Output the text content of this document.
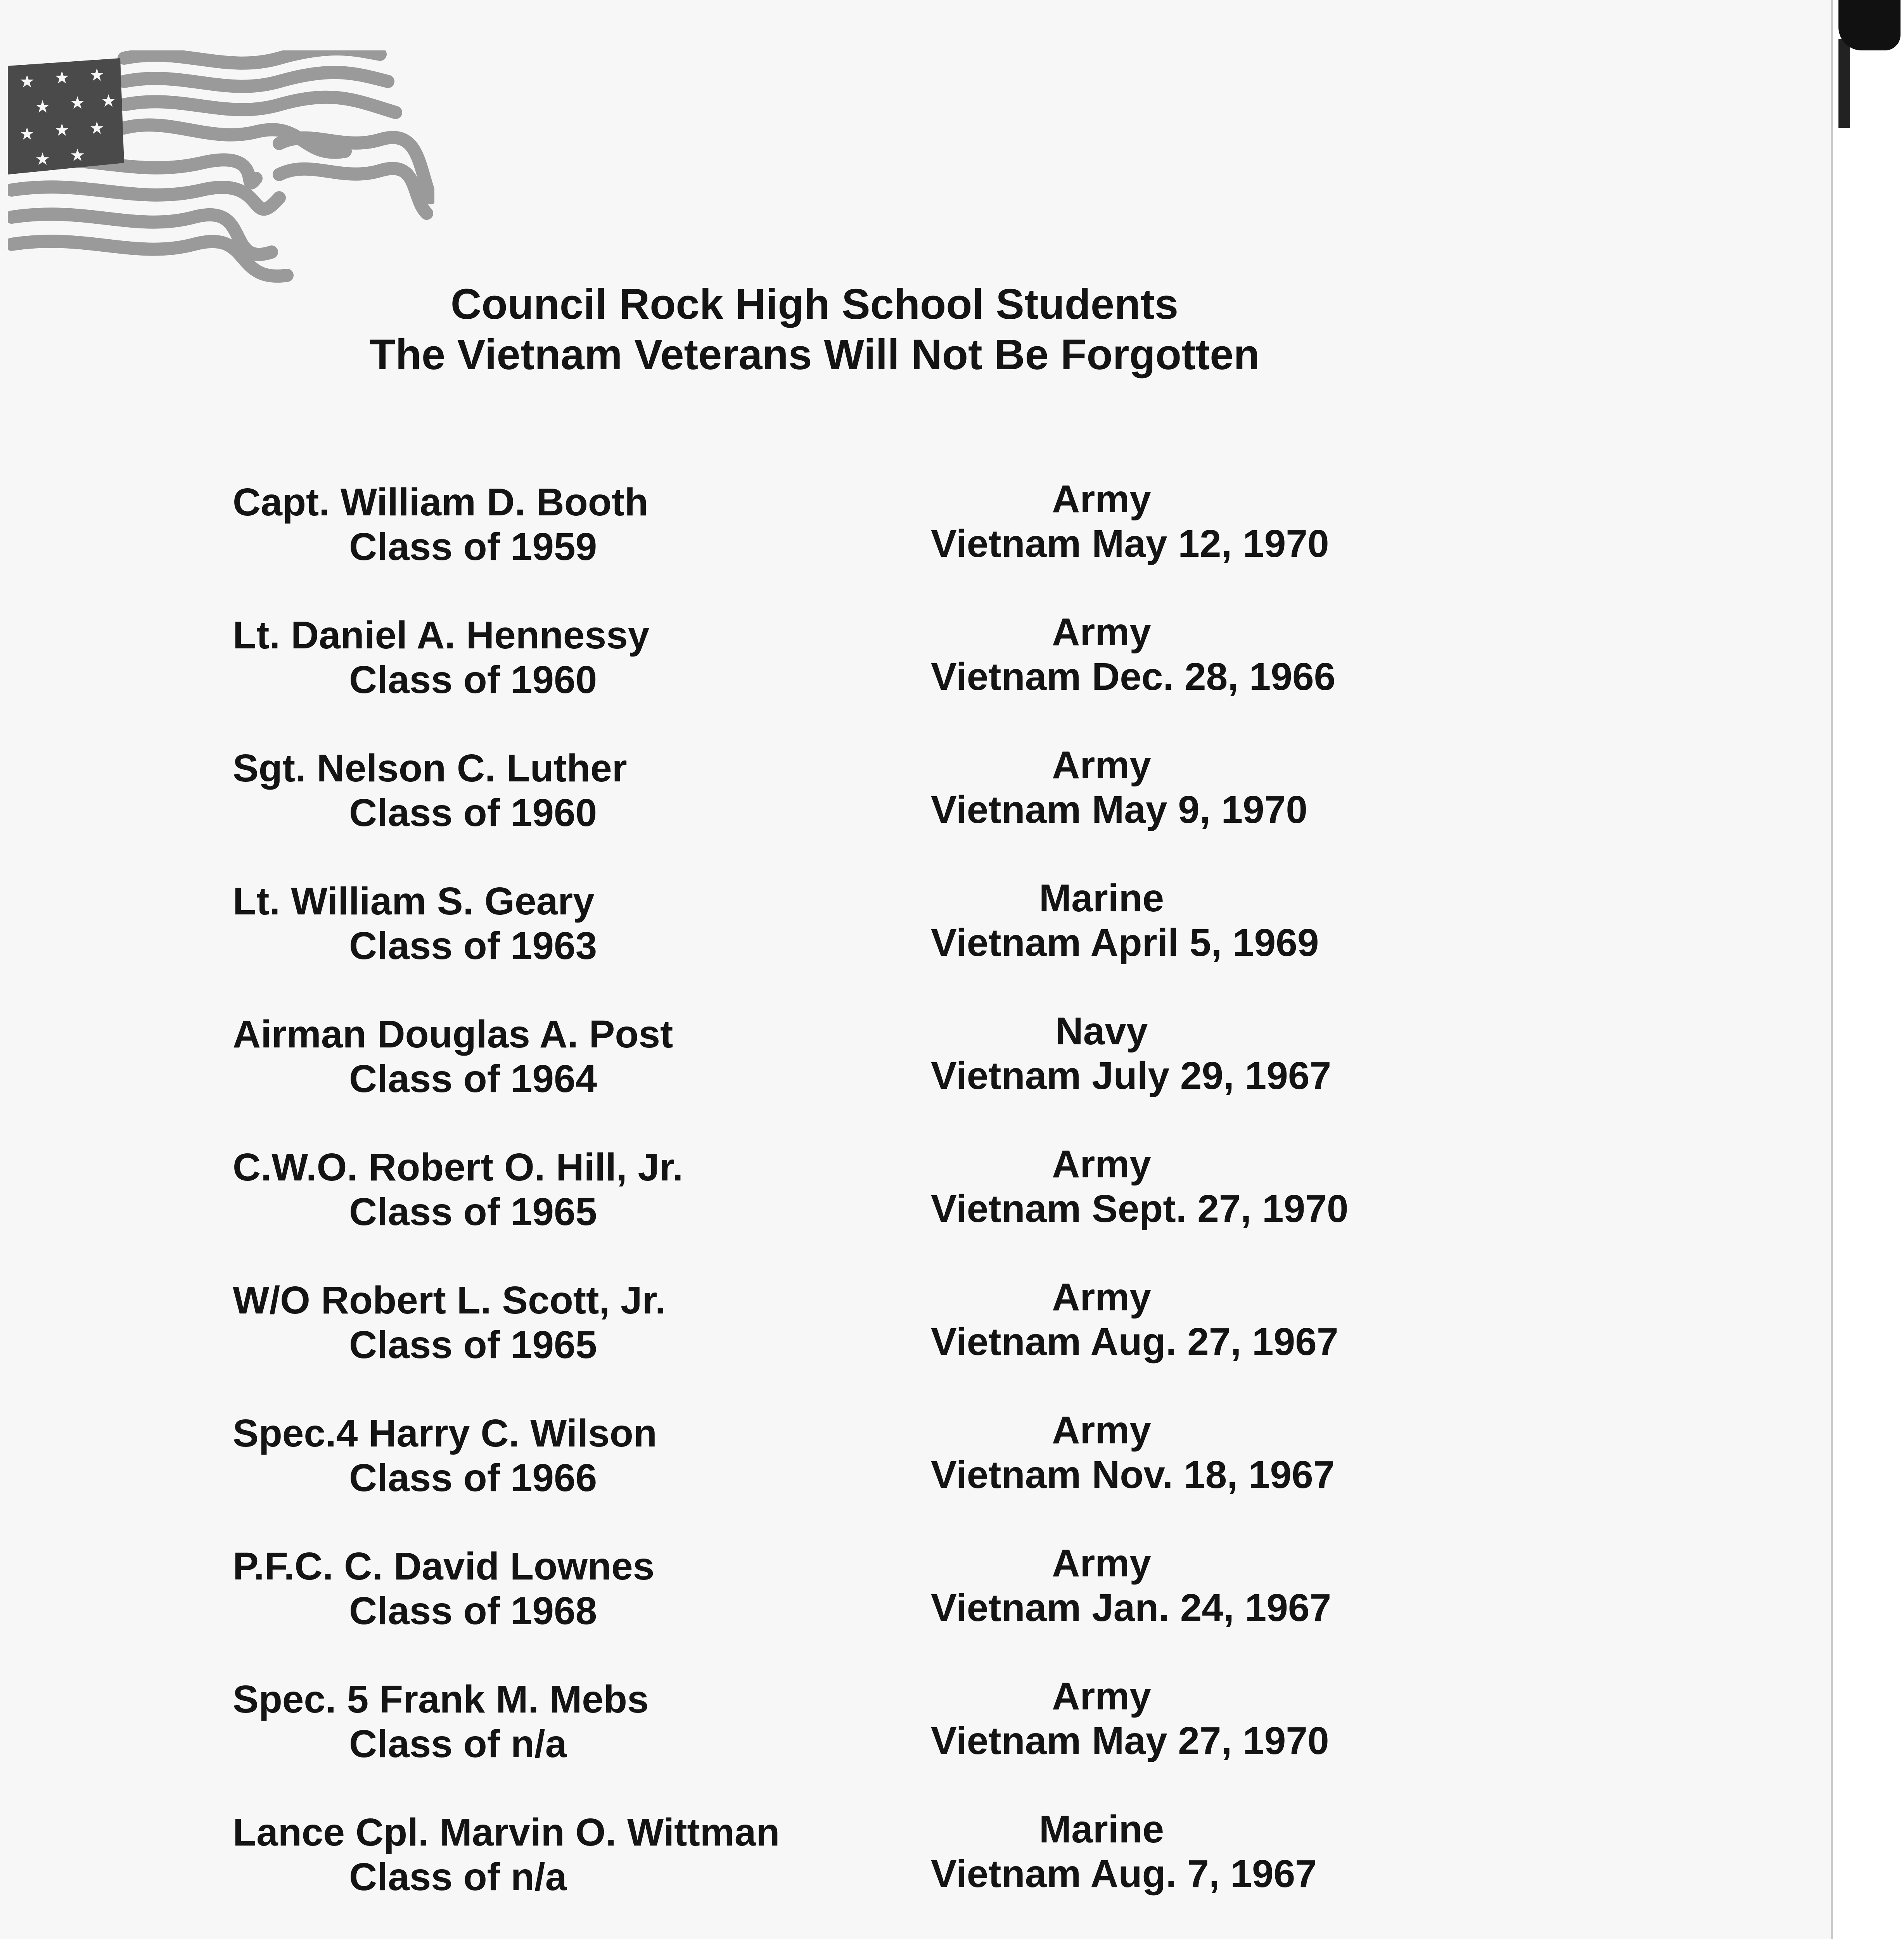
★ ★ ★
★ ★ ★
★ ★ ★
★ ★
Council Rock High School Students
The Vietnam Veterans Will Not Be Forgotten
Capt. William D. Booth
Class of 1959
Army
Vietnam May 12, 1970
Lt. Daniel A. Hennessy
Class of 1960
Army
Vietnam Dec. 28, 1966
Sgt. Nelson C. Luther
Class of 1960
Army
Vietnam May 9, 1970
Lt. William S. Geary
Class of 1963
Marine
Vietnam April 5, 1969
Airman Douglas A. Post
Class of 1964
Navy
Vietnam July 29, 1967
C.W.O. Robert O. Hill, Jr.
Class of 1965
Army
Vietnam Sept. 27, 1970
W/O Robert L. Scott, Jr.
Class of 1965
Army
Vietnam Aug. 27, 1967
Spec.4 Harry C. Wilson
Class of 1966
Army
Vietnam Nov. 18, 1967
P.F.C. C. David Lownes
Class of 1968
Army
Vietnam Jan. 24, 1967
Spec. 5 Frank M. Mebs
Class of n/a
Army
Vietnam May 27, 1970
Lance Cpl. Marvin O. Wittman
Class of n/a
Marine
Vietnam Aug. 7, 1967
